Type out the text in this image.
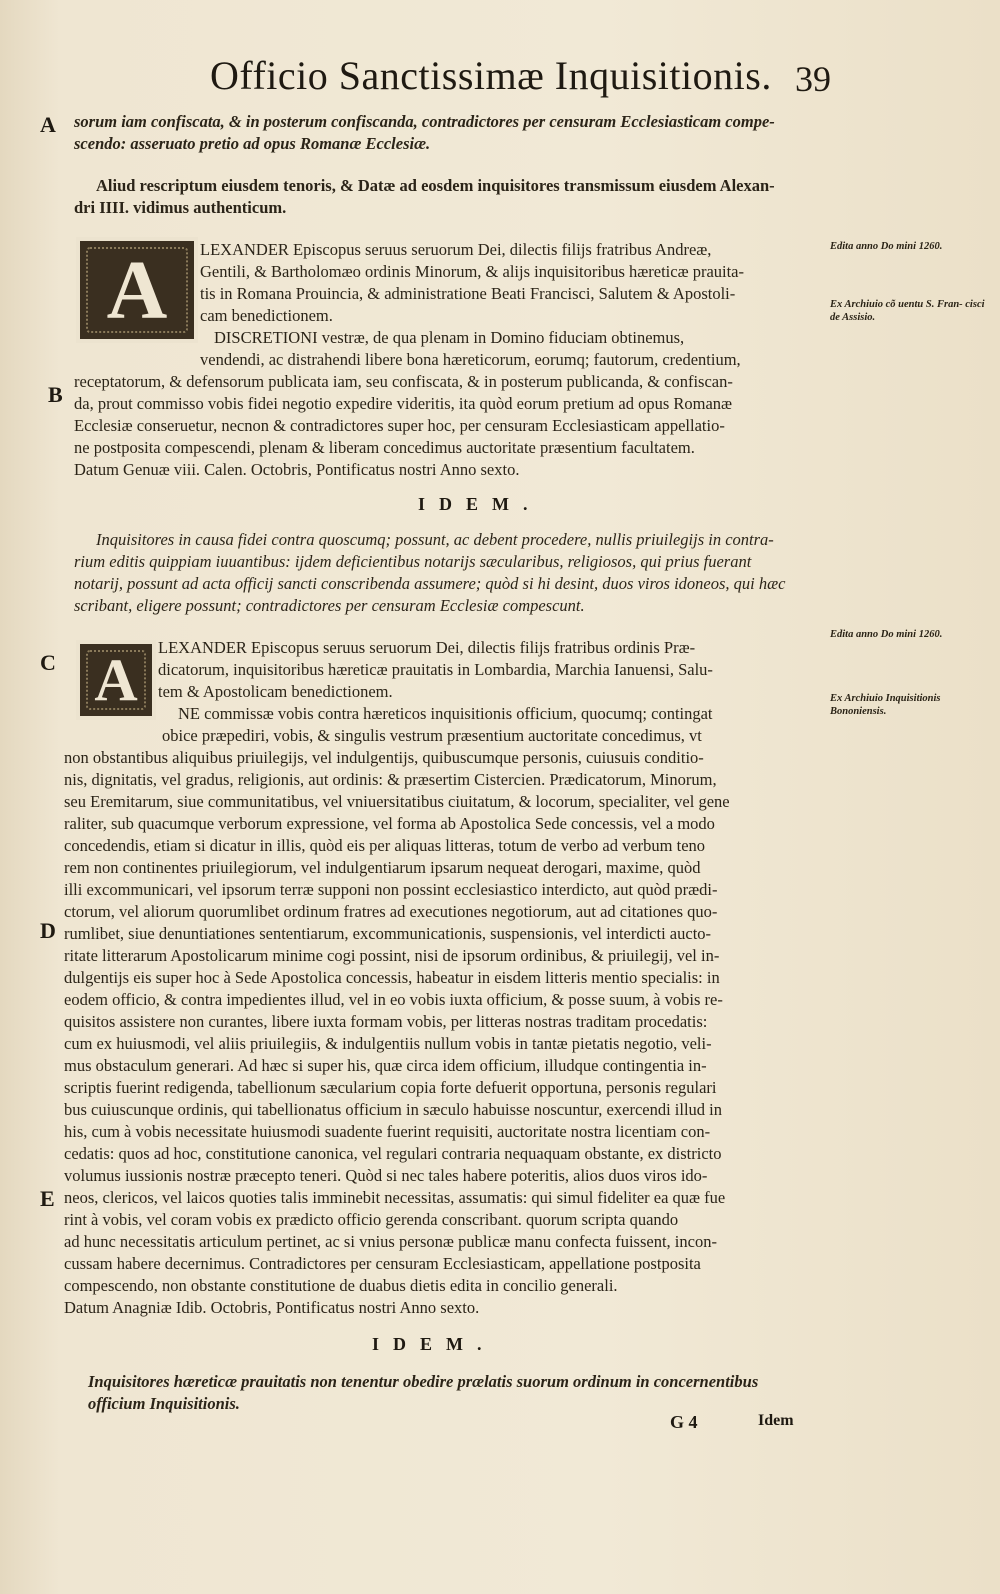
Officio Sanctissimæ Inquisitionis. 39
A
B
C
D
E
Edita anno Do mini 1260.
Ex Archiuio cõ uentu S. Fran- cisci de Assisio.
Edita anno Do mini 1260.
Ex Archiuio Inquisitionis Bononiensis.
sorum iam confiscata, & in posterum confiscanda, contradictores per censuram Ecclesiasticam compe-
scendo: asseruato pretio ad opus Romanæ Ecclesiæ.
Aliud rescriptum eiusdem tenoris, & Datæ ad eosdem inquisitores transmissum eiusdem Alexan-
dri IIII. vidimus authenticum.
A LEXANDER Episcopus seruus seruorum Dei, dilectis filijs fratribus Andreæ,
Gentili, & Bartholomæo ordinis Minorum, & alijs inquisitoribus hæreticæ prauita-
tis in Romana Prouincia, & administratione Beati Francisci, Salutem & Apostoli-
cam benedictionem.
DISCRETIONI vestræ, de qua plenam in Domino fiduciam obtinemus,
vendendi, ac distrahendi libere bona hæreticorum, eorumq; fautorum, credentium,
receptatorum, & defensorum publicata iam, seu confiscata, & in posterum publicanda, & confiscan-
da, prout commisso vobis fidei negotio expedire videritis, ita quòd eorum pretium ad opus Romanæ
Ecclesiæ conseruetur, necnon & contradictores super hoc, per censuram Ecclesiasticam appellatio-
ne postposita compescendi, plenam & liberam concedimus auctoritate præsentium facultatem.
Datum Genuæ viii. Calen. Octobris, Pontificatus nostri Anno sexto.
IDEM.
Inquisitores in causa fidei contra quoscumq; possunt, ac debent procedere, nullis priuilegijs in contra-
rium editis quippiam iuuantibus: ijdem deficientibus notarijs sæcularibus, religiosos, qui prius fuerant
notarij, possunt ad acta officij sancti conscribenda assumere; quòd si hi desint, duos viros idoneos, qui hæc
scribant, eligere possunt; contradictores per censuram Ecclesiæ compescunt.
A LEXANDER Episcopus seruus seruorum Dei, dilectis filijs fratribus ordinis Præ-
dicatorum, inquisitoribus hæreticæ prauitatis in Lombardia, Marchia Ianuensi, Salu-
tem & Apostolicam benedictionem.
NE commissæ vobis contra hæreticos inquisitionis officium, quocumq; contingat
obice præpediri, vobis, & singulis vestrum præsentium auctoritate concedimus, vt
non obstantibus aliquibus priuilegijs, vel indulgentijs, quibuscumque personis, cuiusuis conditio-
nis, dignitatis, vel gradus, religionis, aut ordinis: & præsertim Cistercien. Prædicatorum, Minorum,
seu Eremitarum, siue communitatibus, vel vniuersitatibus ciuitatum, & locorum, specialiter, vel gene
raliter, sub quacumque verborum expressione, vel forma ab Apostolica Sede concessis, vel a modo
concedendis, etiam si dicatur in illis, quòd eis per aliquas litteras, totum de verbo ad verbum teno
rem non continentes priuilegiorum, vel indulgentiarum ipsarum nequeat derogari, maxime, quòd
illi excommunicari, vel ipsorum terræ supponi non possint ecclesiastico interdicto, aut quòd prædi-
ctorum, vel aliorum quorumlibet ordinum fratres ad executiones negotiorum, aut ad citationes quo-
rumlibet, siue denuntiationes sententiarum, excommunicationis, suspensionis, vel interdicti aucto-
ritate litterarum Apostolicarum minime cogi possint, nisi de ipsorum ordinibus, & priuilegij, vel in-
dulgentijs eis super hoc à Sede Apostolica concessis, habeatur in eisdem litteris mentio specialis: in
eodem officio, & contra impedientes illud, vel in eo vobis iuxta officium, & posse suum, à vobis re-
quisitos assistere non curantes, libere iuxta formam vobis, per litteras nostras traditam procedatis:
cum ex huiusmodi, vel aliis priuilegiis, & indulgentiis nullum vobis in tantæ pietatis negotio, veli-
mus obstaculum generari. Ad hæc si super his, quæ circa idem officium, illudque contingentia in-
scriptis fuerint redigenda, tabellionum sæcularium copia forte defuerit opportuna, personis regulari
bus cuiuscunque ordinis, qui tabellionatus officium in sæculo habuisse noscuntur, exercendi illud in
his, cum à vobis necessitate huiusmodi suadente fuerint requisiti, auctoritate nostra licentiam con-
cedatis: quos ad hoc, constitutione canonica, vel regulari contraria nequaquam obstante, ex districto
volumus iussionis nostræ præcepto teneri. Quòd si nec tales habere poteritis, alios duos viros ido-
neos, clericos, vel laicos quoties talis imminebit necessitas, assumatis: qui simul fideliter ea quæ fue
rint à vobis, vel coram vobis ex prædicto officio gerenda conscribant. quorum scripta quando
ad hunc necessitatis articulum pertinet, ac si vnius personæ publicæ manu confecta fuissent, incon-
cussam habere decernimus. Contradictores per censuram Ecclesiasticam, appellatione postposita
compescendo, non obstante constitutione de duabus dietis edita in concilio generali.
Datum Anagniæ Idib. Octobris, Pontificatus nostri Anno sexto.
IDEM.
Inquisitores hæreticæ prauitatis non tenentur obedire prælatis suorum ordinum in concernentibus
officium Inquisitionis.
G 4	Idem
